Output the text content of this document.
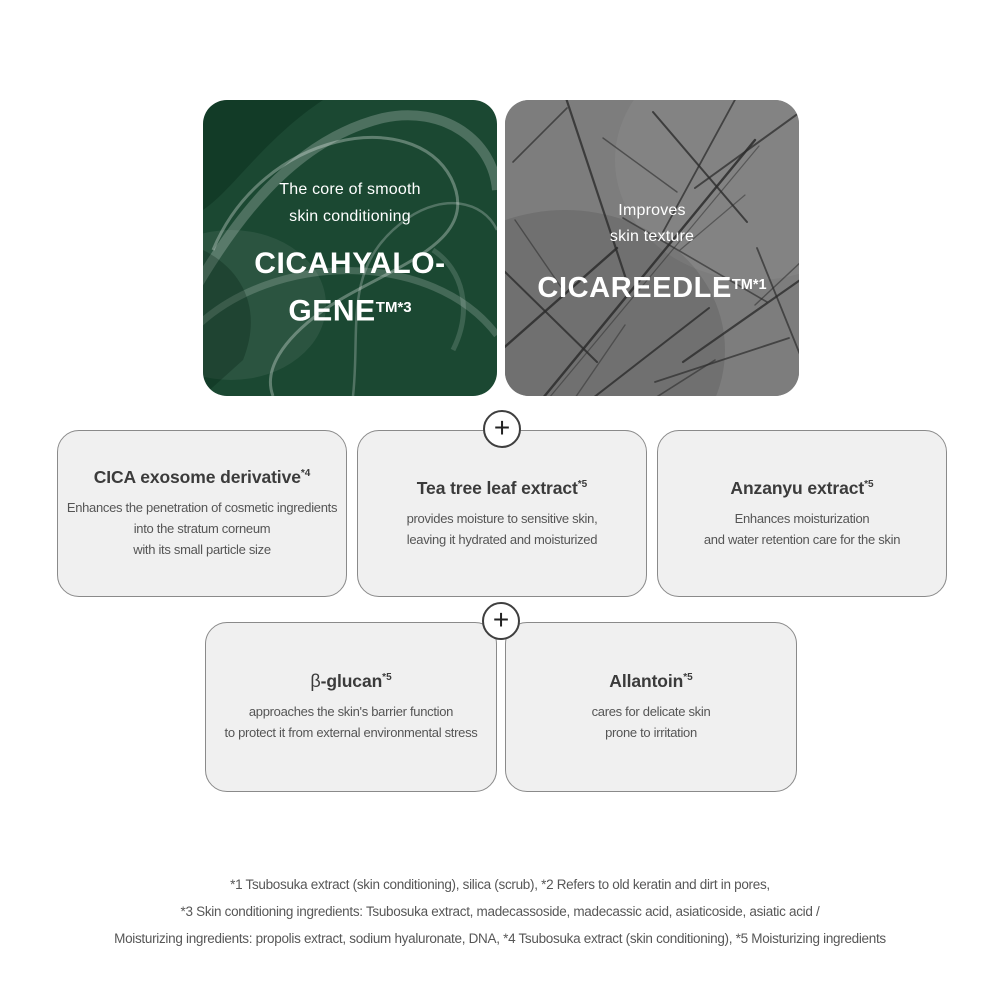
The core of smooth
skin conditioning
CICAHYALO-
$GENE^{TM*3}$
Improves
skin texture
$CICAREEDLE^{TM*1}$
+
+
CICA exosome derivative$^{*4}$
Enhances the penetration of cosmetic ingredients
into the stratum corneum
with its small particle size
Tea tree leaf extract$^{*5}$
provides moisture to sensitive skin,
leaving it hydrated and moisturized
Anzanyu extract$^{*5}$
Enhances moisturization
and water retention care for the skin
β-glucan$^{*5}$
approaches the skin's barrier function
to protect it from external environmental stress
Allantoin$^{*5}$
cares for delicate skin
prone to irritation
*1 Tsubosuka extract (skin conditioning), silica (scrub), *2 Refers to old keratin and dirt in pores,
*3 Skin conditioning ingredients: Tsubosuka extract, madecassoside, madecassic acid, asiaticoside, asiatic acid /
Moisturizing ingredients: propolis extract, sodium hyaluronate, DNA, *4 Tsubosuka extract (skin conditioning), *5 Moisturizing ingredients
